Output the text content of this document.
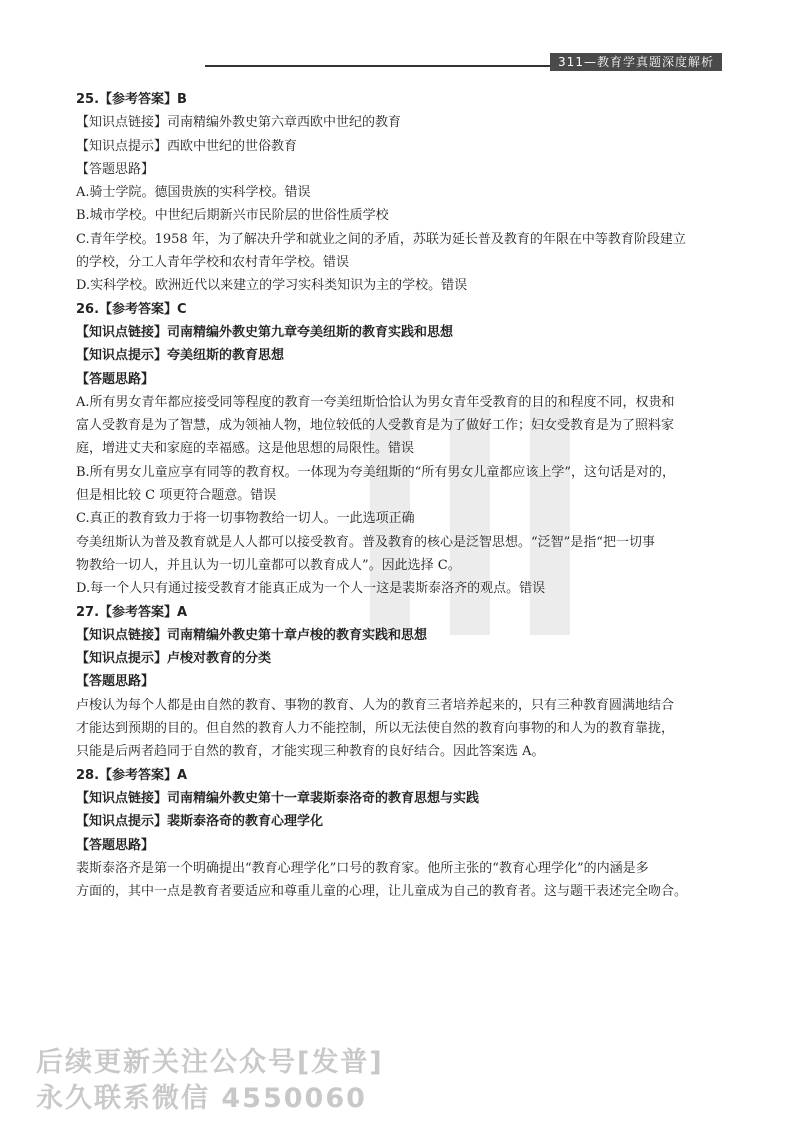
311—教育学真题深度解析
25.【参考答案】B
【知识点链接】司南精编外教史第六章西欧中世纪的教育
【知识点提示】西欧中世纪的世俗教育
【答题思路】
A.骑士学院。德国贵族的实科学校。错误
B.城市学校。中世纪后期新兴市民阶层的世俗性质学校
C.青年学校。1958 年，为了解决升学和就业之间的矛盾，苏联为延长普及教育的年限在中等教育阶段建立
的学校，分工人青年学校和农村青年学校。错误
D.实科学校。欧洲近代以来建立的学习实科类知识为主的学校。错误
26.【参考答案】C
【知识点链接】司南精编外教史第九章夸美纽斯的教育实践和思想
【知识点提示】夸美纽斯的教育思想
【答题思路】
A.所有男女青年都应接受同等程度的教育一夸美纽斯恰恰认为男女青年受教育的目的和程度不同，权贵和
富人受教育是为了智慧，成为领袖人物，地位较低的人受教育是为了做好工作；妇女受教育是为了照料家
庭，增进丈夫和家庭的幸福感。这是他思想的局限性。错误
B.所有男女儿童应享有同等的教育权。一体现为夸美纽斯的“所有男女儿童都应该上学”，这句话是对的，
但是相比较 C 项更符合题意。错误
C.真正的教育致力于将一切事物教给一切人。一此选项正确
夸美纽斯认为普及教育就是人人都可以接受教育。普及教育的核心是泛智思想。“泛智”是指“把一切事
物教给一切人，并且认为一切儿童都可以教育成人”。因此选择 C。
D.每一个人只有通过接受教育才能真正成为一个人一这是裴斯泰洛齐的观点。错误
27.【参考答案】A
【知识点链接】司南精编外教史第十章卢梭的教育实践和思想
【知识点提示】卢梭对教育的分类
【答题思路】
卢梭认为每个人都是由自然的教育、事物的教育、人为的教育三者培养起来的，只有三种教育圆满地结合
才能达到预期的目的。但自然的教育人力不能控制，所以无法使自然的教育向事物的和人为的教育靠拢，
只能是后两者趋同于自然的教育，才能实现三种教育的良好结合。因此答案选 A。
28.【参考答案】A
【知识点链接】司南精编外教史第十一章裴斯泰洛奇的教育思想与实践
【知识点提示】裴斯泰洛奇的教育心理学化
【答题思路】
裴斯泰洛齐是第一个明确提出“教育心理学化”口号的教育家。他所主张的“教育心理学化”的内涵是多
方面的，其中一点是教育者要适应和尊重儿童的心理，让儿童成为自己的教育者。这与题干表述完全吻合。
后续更新关注公众号[发普]
永久联系微信 4550060
